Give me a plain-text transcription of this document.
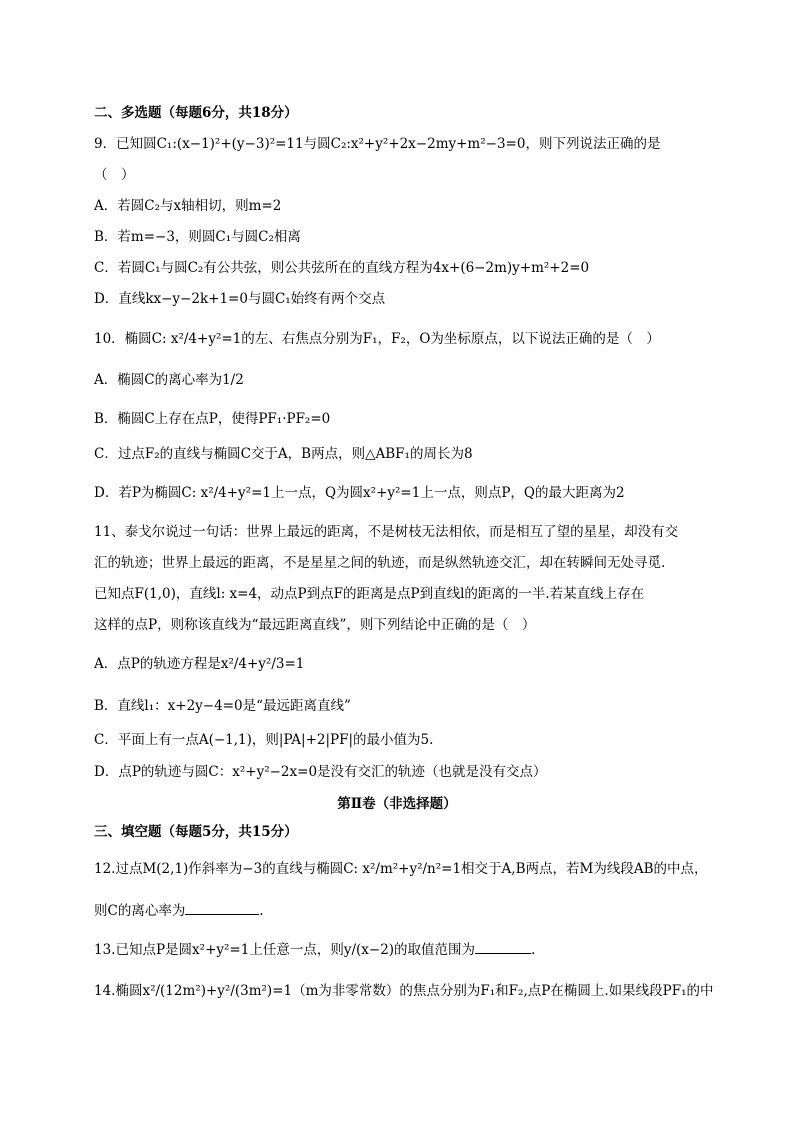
二、多选题（每题6分，共18分）
9．已知圆C₁:(x−1)²+(y−3)²=11与圆C₂:x²+y²+2x−2my+m²−3=0，则下列说法正确的是
（　）
A．若圆C₂与x轴相切，则m=2
B．若m=−3，则圆C₁与圆C₂相离
C．若圆C₁与圆C₂有公共弦，则公共弦所在的直线方程为4x+(6−2m)y+m²+2=0
D．直线kx−y−2k+1=0与圆C₁始终有两个交点
10．椭圆C: x²/4+y²=1的左、右焦点分别为F₁，F₂，O为坐标原点，以下说法正确的是（　）
A．椭圆C的离心率为1/2
B．椭圆C上存在点P，使得PF₁·PF₂=0
C．过点F₂的直线与椭圆C交于A，B两点，则△ABF₁的周长为8
D．若P为椭圆C: x²/4+y²=1上一点，Q为圆x²+y²=1上一点，则点P，Q的最大距离为2
11、泰戈尔说过一句话：世界上最远的距离，不是树枝无法相依，而是相互了望的星星，却没有交
汇的轨迹；世界上最远的距离，不是星星之间的轨迹，而是纵然轨迹交汇，却在转瞬间无处寻觅.
已知点F(1,0)，直线l: x=4，动点P到点F的距离是点P到直线l的距离的一半.若某直线上存在
这样的点P，则称该直线为“最远距离直线”，则下列结论中正确的是（　）
A．点P的轨迹方程是x²/4+y²/3=1
B．直线l₁：x+2y−4=0是“最远距离直线”
C．平面上有一点A(−1,1)，则|PA|+2|PF|的最小值为5.
D．点P的轨迹与圆C：x²+y²−2x=0是没有交汇的轨迹（也就是没有交点）
第Ⅱ卷（非选择题）
三、填空题（每题5分，共15分）
12.过点M(2,1)作斜率为−3的直线与椭圆C: x²/m²+y²/n²=1相交于A,B两点，若M为线段AB的中点，
则C的离心率为	.
13.已知点P是圆x²+y²=1上任意一点，则y/(x−2)的取值范围为	.
14.椭圆x²/(12m²)+y²/(3m²)=1（m为非零常数）的焦点分别为F₁和F₂,点P在椭圆上.如果线段PF₁的中
